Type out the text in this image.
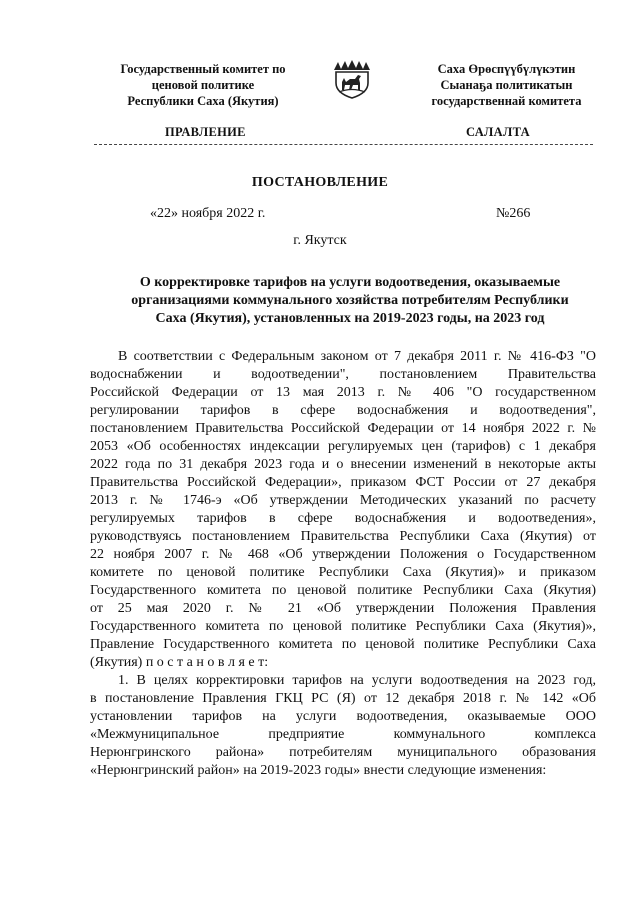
Государственный комитет по
ценовой политике
Республики Саха (Якутия)
Саха Өрөспүүбүлүкэтин
Сыанаҕа политикатын
государственнай комитета
ПРАВЛЕНИЕ	САЛАЛТА
ПОСТАНОВЛЕНИЕ
«22» ноября 2022 г.	№266
г. Якутск
О корректировке тарифов на услуги водоотведения, оказываемые
организациями коммунального хозяйства потребителям Республики
Саха (Якутия), установленных на 2019-2023 годы, на 2023 год
В соответствии с Федеральным законом от 7 декабря 2011 г. № 416-ФЗ "О
водоснабжении и водоотведении", постановлением Правительства
Российской Федерации от 13 мая 2013 г. № 406 "О государственном
регулировании тарифов в сфере водоснабжения и водоотведения",
постановлением Правительства Российской Федерации от 14 ноября 2022 г. №
2053 «Об особенностях индексации регулируемых цен (тарифов) с 1 декабря
2022 года по 31 декабря 2023 года и о внесении изменений в некоторые акты
Правительства Российской Федерации», приказом ФСТ России от 27 декабря
2013 г. № 1746-э «Об утверждении Методических указаний по расчету
регулируемых тарифов в сфере водоснабжения и водоотведения»,
руководствуясь постановлением Правительства Республики Саха (Якутия) от
22 ноября 2007 г. № 468 «Об утверждении Положения о Государственном
комитете по ценовой политике Республики Саха (Якутия)» и приказом
Государственного комитета по ценовой политике Республики Саха (Якутия)
от 25 мая 2020 г. № 21 «Об утверждении Положения Правления
Государственного комитета по ценовой политике Республики Саха (Якутия)»,
Правление Государственного комитета по ценовой политике Республики Саха
(Якутия) п о с т а н о в л я е т:
1. В целях корректировки тарифов на услуги водоотведения на 2023 год,
в постановление Правления ГКЦ РС (Я) от 12 декабря 2018 г. № 142 «Об
установлении тарифов на услуги водоотведения, оказываемые ООО
«Межмуниципальное предприятие коммунального комплекса
Нерюнгринского района» потребителям муниципального образования
«Нерюнгринский район» на 2019-2023 годы» внести следующие изменения:
